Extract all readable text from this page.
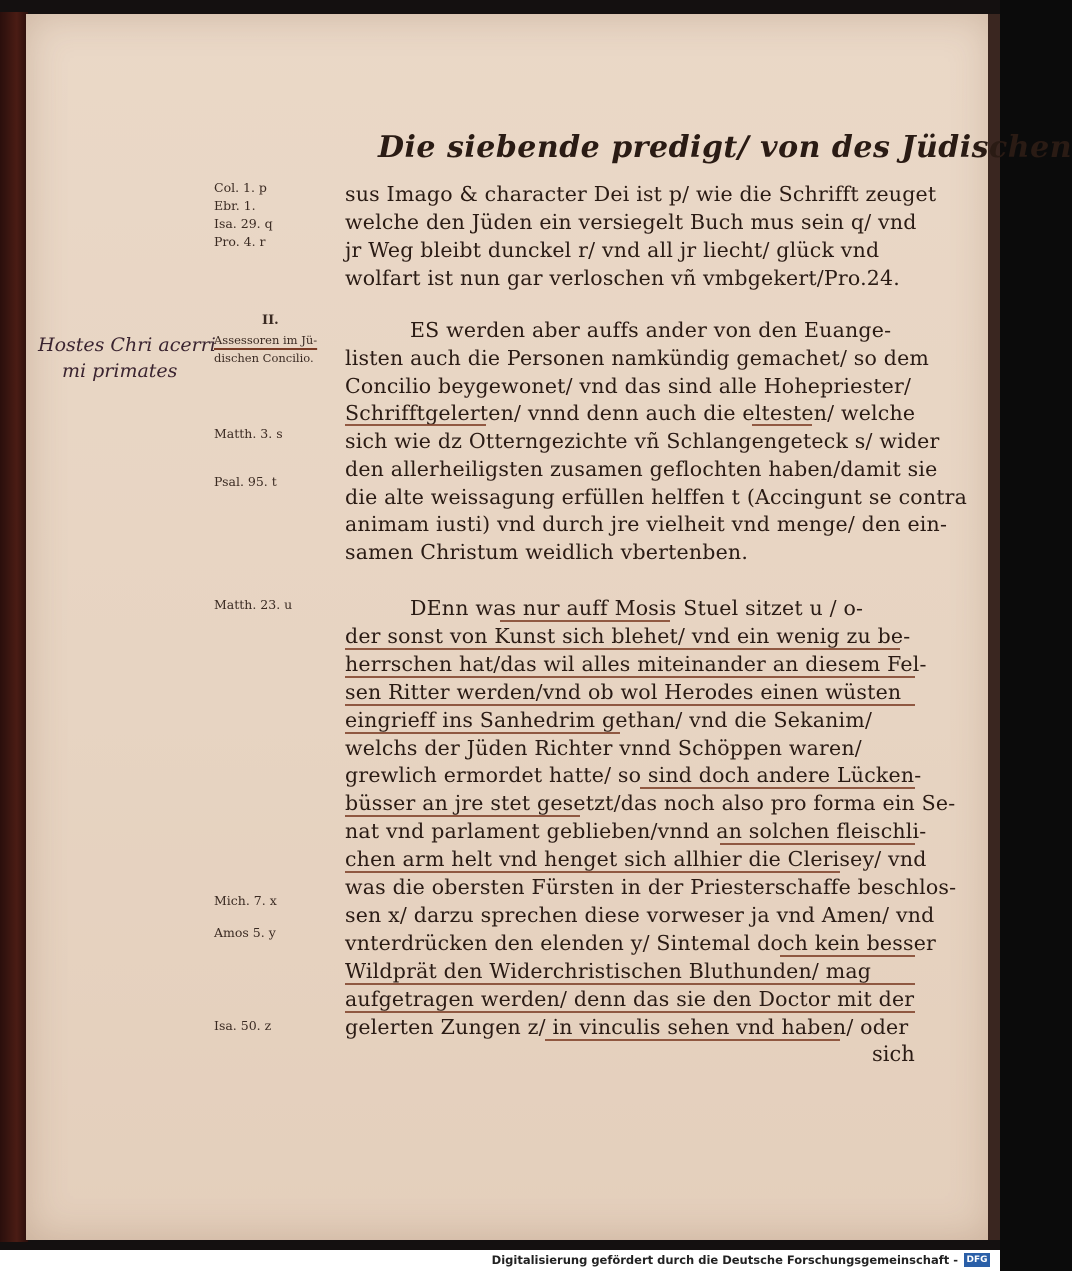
Die siebende predigt/ von des Jüdischen
Col. 1. p
Ebr. 1.
Isa. 29. q
Pro. 4. r
II.
Assessoren im Jü-
dischen Concilio.
Matth. 3. s
Psal. 95. t
Matth. 23. u
Mich. 7. x
Amos 5. y
Isa. 50. z
Hostes Chri acerri
mi primates
sus Imago & character Dei ist p/ wie die Schrifft zeuget
welche den Jüden ein versiegelt Buch mus sein q/ vnd
jr Weg bleibt dunckel r/ vnd all jr liecht/ glück vnd
wolfart ist nun gar verloschen vñ vmbgekert/Pro.24.
ES werden aber auffs ander von den Euange-
listen auch die Personen namkündig gemachet/ so dem
Concilio beygewonet/ vnd das sind alle Hohepriester/
Schrifftgelerten/ vnnd denn auch die eltesten/ welche
sich wie dz Otterngezichte vñ Schlangengeteck s/ wider
den allerheiligsten zusamen geflochten haben/damit sie
die alte weissagung erfüllen helffen t (Accingunt se contra
animam iusti) vnd durch jre vielheit vnd menge/ den ein-
samen Christum weidlich vbertenben.
DEnn was nur auff Mosis Stuel sitzet u / o-
der sonst von Kunst sich blehet/ vnd ein wenig zu be-
herrschen hat/das wil alles miteinander an diesem Fel-
sen Ritter werden/vnd ob wol Herodes einen wüsten
eingrieff ins Sanhedrim gethan/ vnd die Sekanim/
welchs der Jüden Richter vnnd Schöppen waren/
grewlich ermordet hatte/ so sind doch andere Lücken-
büsser an jre stet gesetzt/das noch also pro forma ein Se-
nat vnd parlament geblieben/vnnd an solchen fleischli-
chen arm helt vnd henget sich allhier die Clerisey/ vnd
was die obersten Fürsten in der Priesterschaffe beschlos-
sen x/ darzu sprechen diese vorweser ja vnd Amen/ vnd
vnterdrücken den elenden y/ Sintemal doch kein besser
Wildprät den Widerchristischen Bluthunden/ mag
aufgetragen werden/ denn das sie den Doctor mit der
gelerten Zungen z/ in vinculis sehen vnd haben/ oder
sich
Digitalisierung gefördert durch die Deutsche Forschungsgemeinschaft - DFG
